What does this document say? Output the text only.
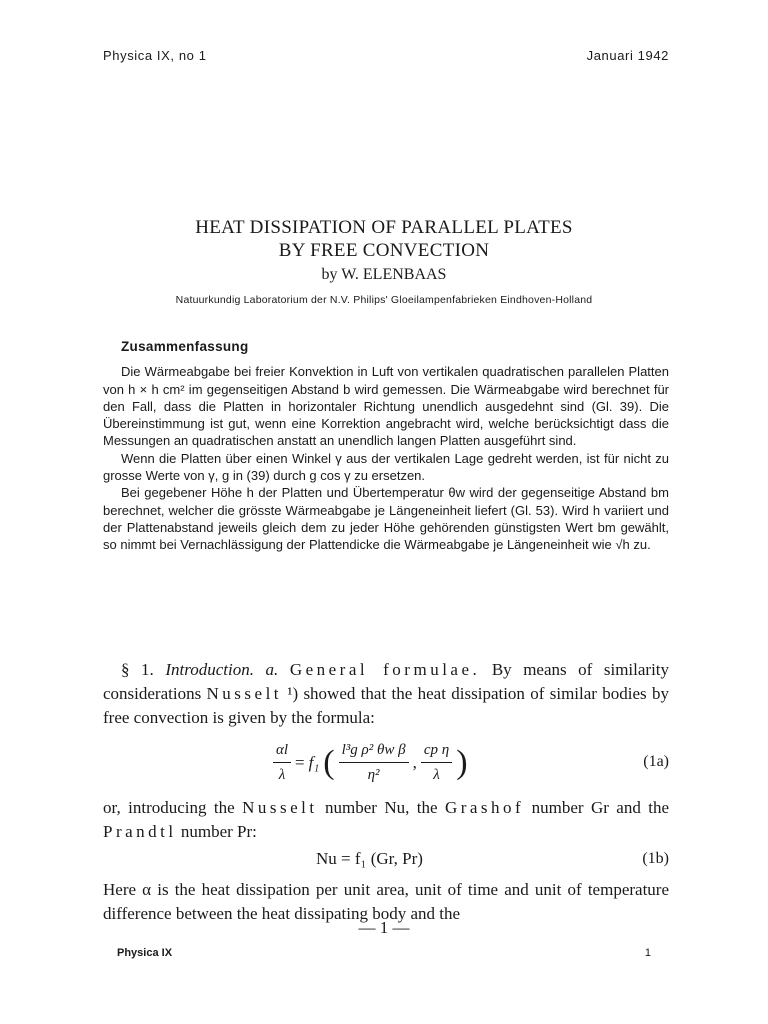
Physica IX, no 1	Januari 1942
HEAT DISSIPATION OF PARALLEL PLATES
BY FREE CONVECTION
by W. ELENBAAS
Natuurkundig Laboratorium der N.V. Philips' Gloeilampenfabrieken Eindhoven-Holland
Zusammenfassung

Die Wärmeabgabe bei freier Konvektion in Luft von vertikalen quadratischen parallelen Platten von h × h cm² im gegenseitigen Abstand b wird gemessen. Die Wärmeabgabe wird berechnet für den Fall, dass die Platten in horizontaler Richtung unendlich ausgedehnt sind (Gl. 39). Die Übereinstimmung ist gut, wenn eine Korrektion angebracht wird, welche berücksichtigt dass die Messungen an quadratischen anstatt an unendlich langen Platten ausgeführt sind.

Wenn die Platten über einen Winkel γ aus der vertikalen Lage gedreht werden, ist für nicht zu grosse Werte von γ, g in (39) durch g cos γ zu ersetzen.

Bei gegebener Höhe h der Platten und Übertemperatur θw wird der gegenseitige Abstand bm berechnet, welcher die grösste Wärmeabgabe je Längeneinheit liefert (Gl. 53). Wird h variiert und der Plattenabstand jeweils gleich dem zu jeder Höhe gehörenden günstigsten Wert bm gewählt, so nimmt bei Vernachlässigung der Plattendicke die Wärmeabgabe je Längeneinheit wie √h zu.

§ 1. Introduction. a. General formulae. By means of similarity considerations Nusselt ¹) showed that the heat dissipation of similar bodies by free convection is given by the formula:

$\frac{\alpha l}{\lambda} = f_1$ ( $\frac{\text{l³g ρ² θw β}}{\text{η²}}$ , $\frac{\text{cp η}}{\lambda}$ )	(1a)

or, introducing the Nusselt number Nu, the Grashof number Gr and the Prandtl number Pr:

Nu = f₁ (Gr, Pr)	(1b)

Here α is the heat dissipation per unit area, unit of time and unit of temperature difference between the heat dissipating body and the

— 1 —
Physica IX	1
